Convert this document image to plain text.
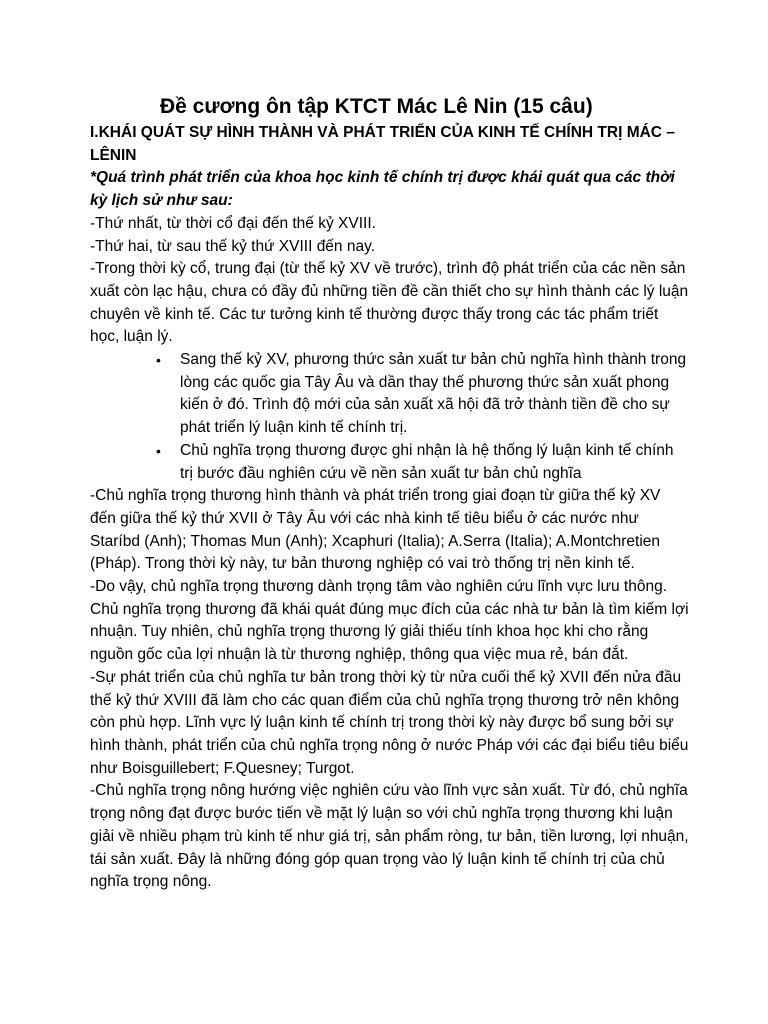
Đề cương ôn tập KTCT Mác Lê Nin (15 câu)

I.KHÁI QUÁT SỰ HÌNH THÀNH VÀ PHÁT TRIỂN CỦA KINH TẾ CHÍNH TRỊ MÁC – LÊNIN

*Quá trình phát triển của khoa học kinh tế chính trị được khái quát qua các thời kỳ lịch sử như sau:

-Thứ nhất, từ thời cổ đại đến thế kỷ XVIII.

-Thứ hai, từ sau thế kỷ thứ XVIII đến nay.

-Trong thời kỳ cổ, trung đại (từ thế kỷ XV về trước), trình độ phát triển của các nền sản xuất còn lạc hậu, chưa có đầy đủ những tiền đề cần thiết cho sự hình thành các lý luận chuyên về kinh tế. Các tư tưởng kinh tế thường được thấy trong các tác phẩm triết học, luận lý.

• Sang thế kỷ XV, phương thức sản xuất tư bản chủ nghĩa hình thành trong lòng các quốc gia Tây Âu và dần thay thế phương thức sản xuất phong kiến ở đó. Trình độ mới của sản xuất xã hội đã trở thành tiền đề cho sự phát triển lý luận kinh tế chính trị.
• Chủ nghĩa trọng thương được ghi nhận là hệ thống lý luận kinh tế chính trị bước đầu nghiên cứu về nền sản xuất tư bản chủ nghĩa

-Chủ nghĩa trọng thương hình thành và phát triển trong giai đoạn từ giữa thế kỷ XV đến giữa thế kỷ thứ XVII ở Tây Âu với các nhà kinh tế tiêu biểu ở các nước như Staríbd (Anh); Thomas Mun (Anh); Xcaphuri (Italia); A.Serra (Italia); A.Montchretien (Pháp). Trong thời kỳ này, tư bản thương nghiệp có vai trò thống trị nền kinh tế.

-Do vậy, chủ nghĩa trọng thương dành trọng tâm vào nghiên cứu lĩnh vực lưu thông. Chủ nghĩa trọng thương đã khái quát đúng mục đích của các nhà tư bản là tìm kiếm lợi nhuận. Tuy nhiên, chủ nghĩa trọng thương lý giải thiếu tính khoa học khi cho rằng nguồn gốc của lợi nhuận là từ thương nghiệp, thông qua việc mua rẻ, bán đắt.

-Sự phát triển của chủ nghĩa tư bản trong thời kỳ từ nửa cuối thế kỷ XVII đến nửa đầu thế kỷ thứ XVIII đã làm cho các quan điểm của chủ nghĩa trọng thương trở nên không còn phù hợp. Lĩnh vực lý luận kinh tế chính trị trong thời kỳ này được bổ sung bởi sự hình thành, phát triển của chủ nghĩa trọng nông ở nước Pháp với các đại biểu tiêu biểu như Boisguillebert; F.Quesney; Turgot.

-Chủ nghĩa trọng nông hướng việc nghiên cứu vào lĩnh vực sản xuất. Từ đó, chủ nghĩa trọng nông đạt được bước tiến về mặt lý luận so với chủ nghĩa trọng thương khi luận giải về nhiều phạm trù kinh tế như giá trị, sản phẩm ròng, tư bản, tiền lương, lợi nhuận, tái sản xuất. Đây là những đóng góp quan trọng vào lý luận kinh tế chính trị của chủ nghĩa trọng nông.
